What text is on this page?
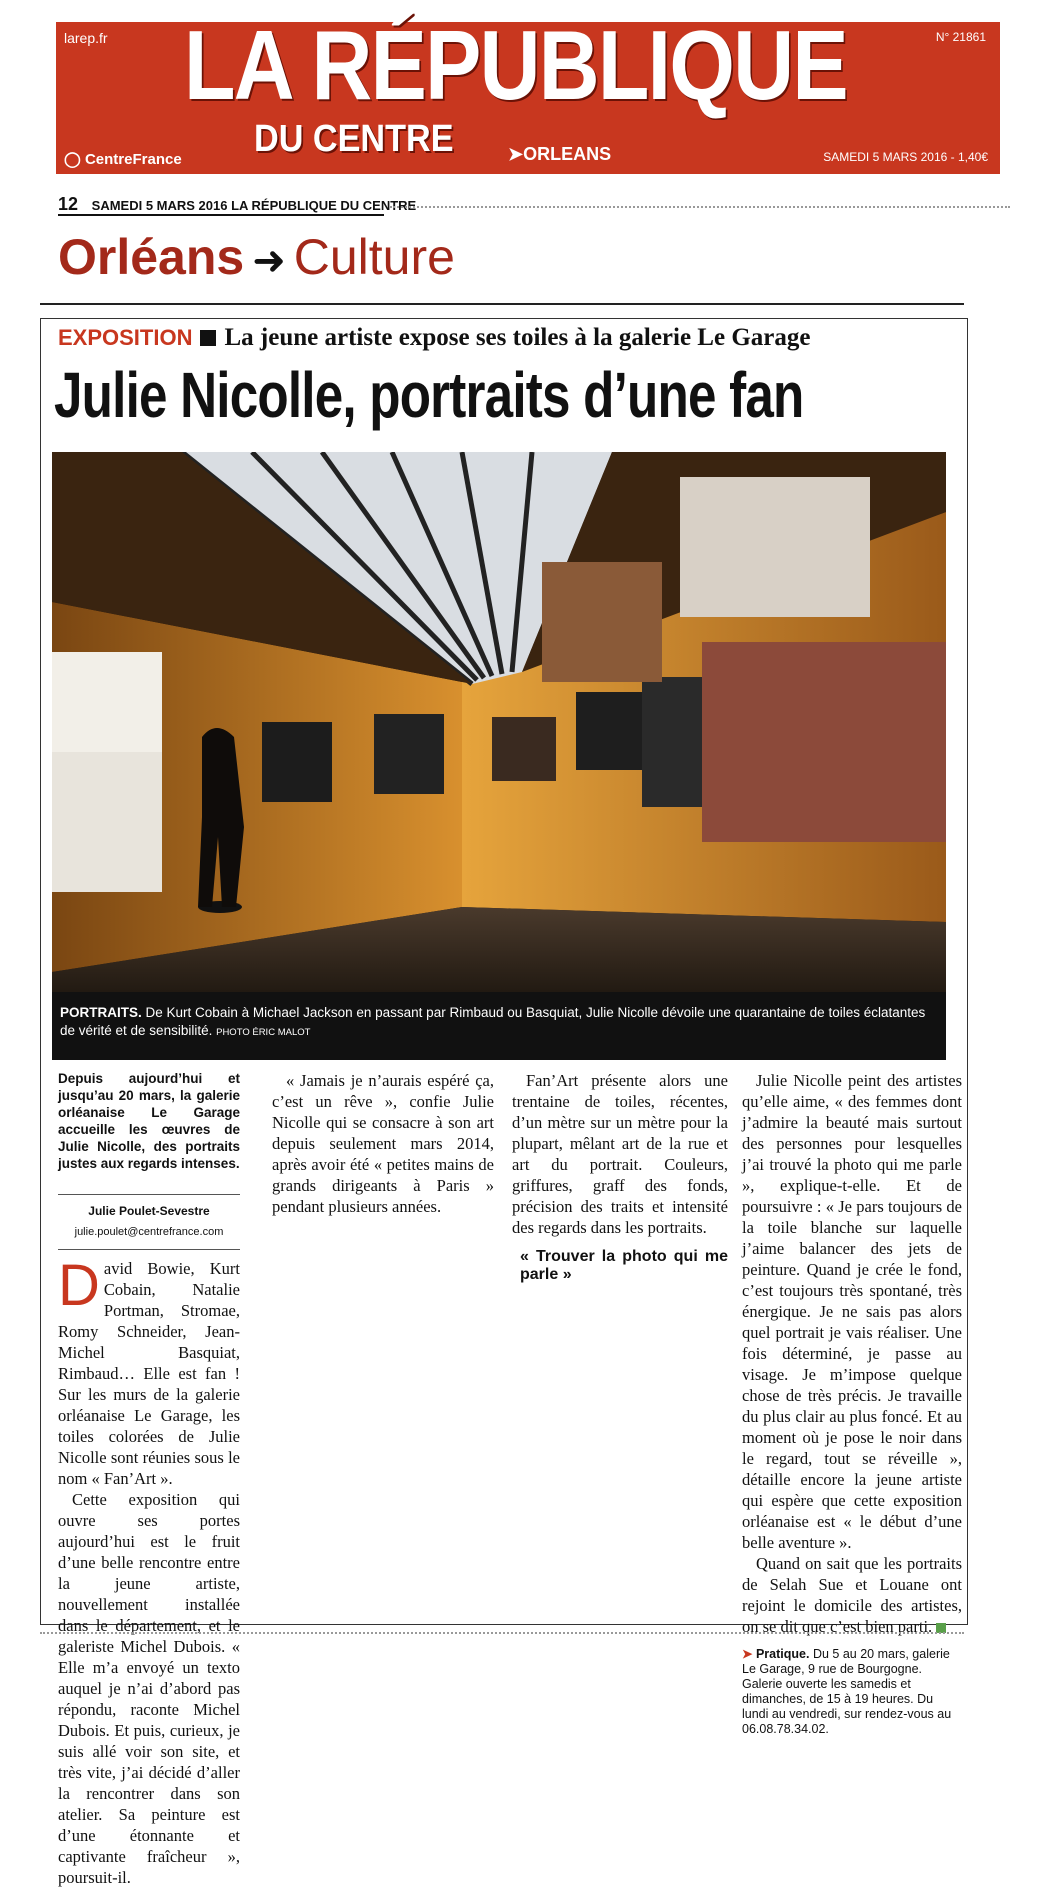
larep.fr	N° 21861
LA RÉPUBLIQUE
DU CENTRE
◯ CentreFrance	➤ORLEANS	SAMEDI 5 MARS 2016 - 1,40€
12 SAMEDI 5 MARS 2016 LA RÉPUBLIQUE DU CENTRE
Orléans ➜ Culture
EXPOSITION La jeune artiste expose ses toiles à la galerie Le Garage
Julie Nicolle, portraits d’une fan
PORTRAITS. De Kurt Cobain à Michael Jackson en passant par Rimbaud ou Basquiat, Julie Nicolle dévoile une quarantaine de toiles éclatantes de vérité et de sensibilité. PHOTO ÉRIC MALOT
Depuis aujourd’hui et jusqu’au 20 mars, la galerie orléanaise Le Garage accueille les œuvres de Julie Nicolle, des portraits justes aux regards intenses.
Julie Poulet-Sevestre
julie.poulet@centrefrance.com

David Bowie, Kurt Cobain, Natalie Portman, Stromae, Romy Schneider, Jean-Michel Basquiat, Rimbaud… Elle est fan ! Sur les murs de la galerie orléanaise Le Garage, les toiles colorées de Julie Nicolle sont réunies sous le nom « Fan’Art ».

Cette exposition qui ouvre ses portes aujourd’hui est le fruit d’une belle rencontre entre la jeune artiste, nouvellement installée dans le département, et le galeriste Michel Dubois. « Elle m’a envoyé un texto auquel je n’ai d’abord pas répondu, raconte Michel Dubois. Et puis, curieux, je suis allé voir son site, et très vite, j’ai décidé d’aller la rencontrer dans son atelier. Sa peinture est d’une étonnante et captivante fraîcheur », poursuit-il.

« Jamais je n’aurais espéré ça, c’est un rêve », confie Julie Nicolle qui se consacre à son art depuis seulement mars 2014, après avoir été « petites mains de grands dirigeants à Paris » pendant plusieurs années.

Fan’Art présente alors une trentaine de toiles, récentes, d’un mètre sur un mètre pour la plupart, mêlant art de la rue et art du portrait. Couleurs, griffures, graff des fonds, précision des traits et intensité des regards dans les portraits.

« Trouver la photo qui me parle »

Julie Nicolle peint des artistes qu’elle aime, « des femmes dont j’admire la beauté mais surtout des personnes pour lesquelles j’ai trouvé la photo qui me parle », explique-t-elle. Et de poursuivre : « Je pars toujours de la toile blanche sur laquelle j’aime balancer des jets de peinture. Quand je crée le fond, c’est toujours très spontané, très énergique. Je ne sais pas alors quel portrait je vais réaliser. Une fois déterminé, je passe au visage. Je m’impose quelque chose de très précis. Je travaille du plus clair au plus foncé. Et au moment où je pose le noir dans le regard, tout se réveille », détaille encore la jeune artiste qui espère que cette exposition orléanaise est « le début d’une belle aventure ».

Quand on sait que les portraits de Selah Sue et Louane ont rejoint le domicile des artistes, on se dit que c’est bien parti.

➤ Pratique. Du 5 au 20 mars, galerie Le Garage, 9 rue de Bourgogne. Galerie ouverte les samedis et dimanches, de 15 à 19 heures. Du lundi au vendredi, sur rendez-vous au 06.08.78.34.02.
